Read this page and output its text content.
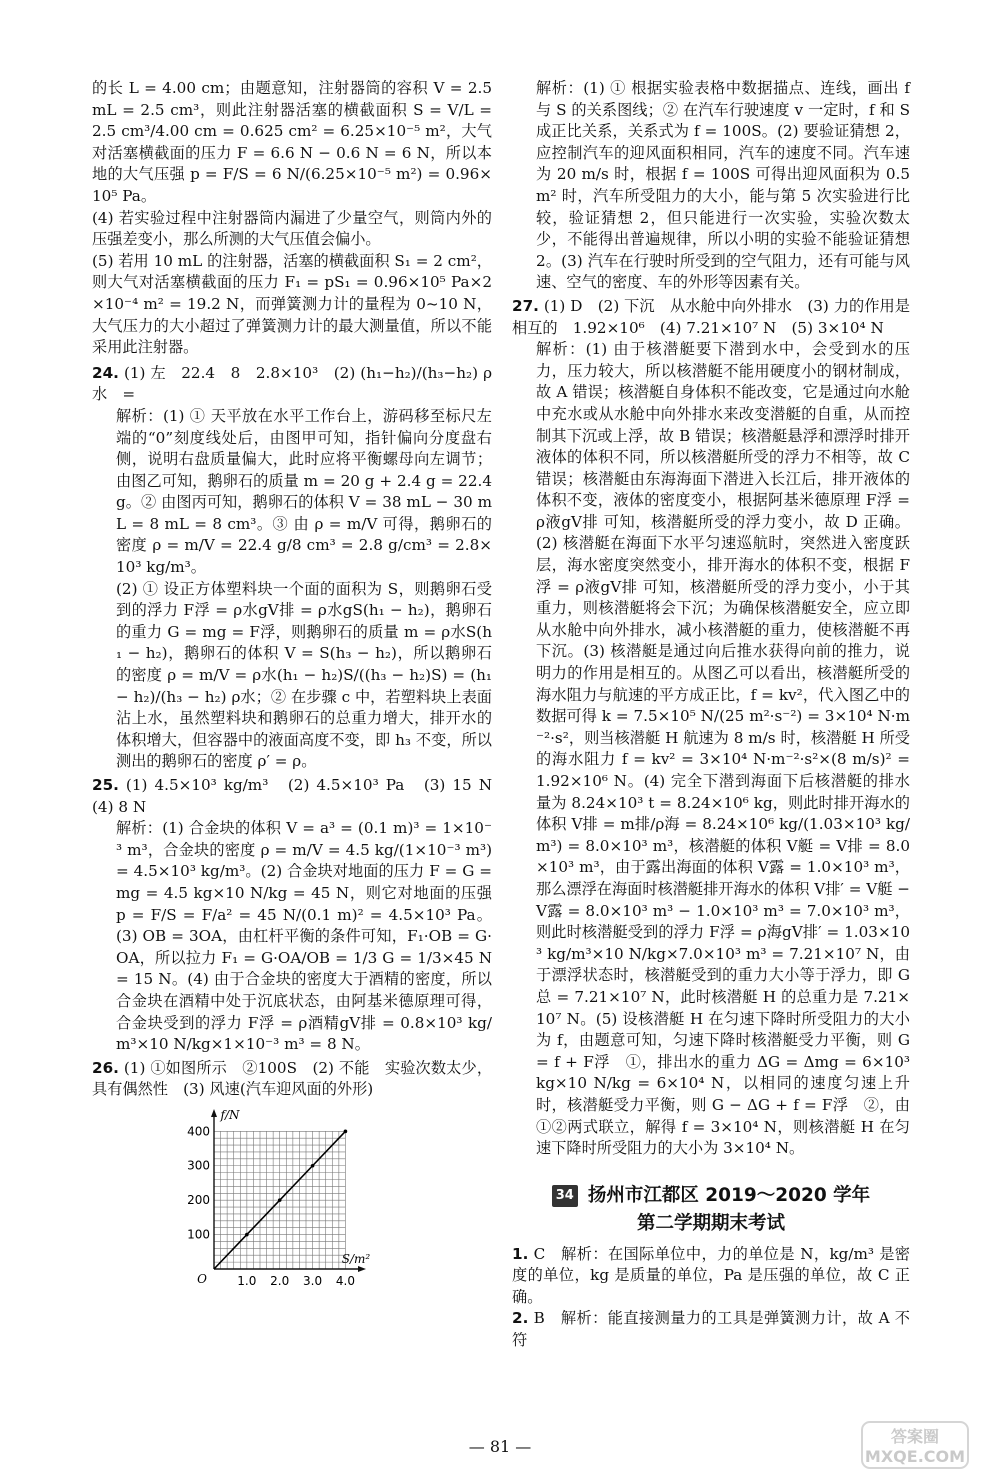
的长 L = 4.00 cm；由题意知，注射器筒的容积 V = 2.5 mL = 2.5 cm³，则此注射器活塞的横截面积 S = V/L = 2.5 cm³/4.00 cm = 0.625 cm² = 6.25×10⁻⁵ m²，大气对活塞横截面的压力 F = 6.6 N − 0.6 N = 6 N，所以本地的大气压强 p = F/S = 6 N/(6.25×10⁻⁵ m²) = 0.96×10⁵ Pa。

(4) 若实验过程中注射器筒内漏进了少量空气，则筒内外的压强差变小，那么所测的大气压值会偏小。

(5) 若用 10 mL 的注射器，活塞的横截面积 S₁ = 2 cm²，则大气对活塞横截面的压力 F₁ = pS₁ = 0.96×10⁵ Pa×2×10⁻⁴ m² = 19.2 N，而弹簧测力计的量程为 0~10 N，大气压力的大小超过了弹簧测力计的最大测量值，所以不能采用此注射器。

24. (1) 左　22.4　8　2.8×10³　(2) (h₁−h₂)/(h₃−h₂) ρ水　=

解析：(1) ① 天平放在水平工作台上，游码移至标尺左端的“0”刻度线处后，由图甲可知，指针偏向分度盘右侧，说明右盘质量偏大，此时应将平衡螺母向左调节；由图乙可知，鹅卵石的质量 m = 20 g + 2.4 g = 22.4 g。② 由图丙可知，鹅卵石的体积 V = 38 mL − 30 mL = 8 mL = 8 cm³。③ 由 ρ = m/V 可得，鹅卵石的密度 ρ = m/V = 22.4 g/8 cm³ = 2.8 g/cm³ = 2.8×10³ kg/m³。

(2) ① 设正方体塑料块一个面的面积为 S，则鹅卵石受到的浮力 F浮 = ρ水gV排 = ρ水gS(h₁ − h₂)，鹅卵石的重力 G = mg = F浮，则鹅卵石的质量 m = ρ水S(h₁ − h₂)，鹅卵石的体积 V = S(h₃ − h₂)，所以鹅卵石的密度 ρ = m/V = ρ水(h₁ − h₂)S/((h₃ − h₂)S) = (h₁ − h₂)/(h₃ − h₂) ρ水；② 在步骤 c 中，若塑料块上表面沾上水，虽然塑料块和鹅卵石的总重力增大，排开水的体积增大，但容器中的液面高度不变，即 h₃ 不变，所以测出的鹅卵石的密度 ρ′ = ρ。

25. (1) 4.5×10³ kg/m³　(2) 4.5×10³ Pa　(3) 15 N　(4) 8 N

解析：(1) 合金块的体积 V = a³ = (0.1 m)³ = 1×10⁻³ m³，合金块的密度 ρ = m/V = 4.5 kg/(1×10⁻³ m³) = 4.5×10³ kg/m³。(2) 合金块对地面的压力 F = G = mg = 4.5 kg×10 N/kg = 45 N，则它对地面的压强 p = F/S = F/a² = 45 N/(0.1 m)² = 4.5×10³ Pa。(3) OB = 3OA，由杠杆平衡的条件可知，F₁·OB = G·OA，所以拉力 F₁ = G·OA/OB = 1/3 G = 1/3×45 N = 15 N。(4) 由于合金块的密度大于酒精的密度，所以合金块在酒精中处于沉底状态，由阿基米德原理可得，合金块受到的浮力 F浮 = ρ酒精gV排 = 0.8×10³ kg/m³×10 N/kg×1×10⁻³ m³ = 8 N。

26. (1) ①如图所示　②100S　(2) 不能　实验次数太少，具有偶然性　(3) 风速(汽车迎风面的外形)

1.0 2.0 3.0 4.0
100
200
300
400
O
S/m²
f/N

解析：(1) ① 根据实验表格中数据描点、连线，画出 f 与 S 的关系图线；② 在汽车行驶速度 v 一定时，f 和 S 成正比关系，关系式为 f = 100S。(2) 要验证猜想 2，应控制汽车的迎风面积相同，汽车的速度不同。汽车速为 20 m/s 时，根据 f = 100S 可得出迎风面积为 0.5 m² 时，汽车所受阻力的大小，能与第 5 次实验进行比较，验证猜想 2，但只能进行一次实验，实验次数太少，不能得出普遍规律，所以小明的实验不能验证猜想 2。(3) 汽车在行驶时所受到的空气阻力，还有可能与风速、空气的密度、车的外形等因素有关。

27. (1) D　(2) 下沉　从水舱中向外排水　(3) 力的作用是相互的　1.92×10⁶　(4) 7.21×10⁷ N　(5) 3×10⁴ N

解析：(1) 由于核潜艇要下潜到水中，会受到水的压力，压力较大，所以核潜艇不能用硬度小的钢材制成，故 A 错误；核潜艇自身体积不能改变，它是通过向水舱中充水或从水舱中向外排水来改变潜艇的自重，从而控制其下沉或上浮，故 B 错误；核潜艇悬浮和漂浮时排开液体的体积不同，所以核潜艇所受的浮力不相等，故 C 错误；核潜艇由东海海面下潜进入长江后，排开液体的体积不变，液体的密度变小，根据阿基米德原理 F浮 = ρ液gV排 可知，核潜艇所受的浮力变小，故 D 正确。(2) 核潜艇在海面下水平匀速巡航时，突然进入密度跃层，海水密度突然变小，排开海水的体积不变，根据 F浮 = ρ液gV排 可知，核潜艇所受的浮力变小，小于其重力，则核潜艇将会下沉；为确保核潜艇安全，应立即从水舱中向外排水，减小核潜艇的重力，使核潜艇不再下沉。(3) 核潜艇是通过向后推水获得向前的推力，说明力的作用是相互的。从图乙可以看出，核潜艇所受的海水阻力与航速的平方成正比，f = kv²，代入图乙中的数据可得 k = 7.5×10⁵ N/(25 m²·s⁻²) = 3×10⁴ N·m⁻²·s²，则当核潜艇 H 航速为 8 m/s 时，核潜艇 H 所受的海水阻力 f = kv² = 3×10⁴ N·m⁻²·s²×(8 m/s)² = 1.92×10⁶ N。(4) 完全下潜到海面下后核潜艇的排水量为 8.24×10³ t = 8.24×10⁶ kg，则此时排开海水的体积 V排 = m排/ρ海 = 8.24×10⁶ kg/(1.03×10³ kg/m³) = 8.0×10³ m³，核潜艇的体积 V艇 = V排 = 8.0×10³ m³，由于露出海面的体积 V露 = 1.0×10³ m³，那么漂浮在海面时核潜艇排开海水的体积 V排′ = V艇 − V露 = 8.0×10³ m³ − 1.0×10³ m³ = 7.0×10³ m³，则此时核潜艇受到的浮力 F浮 = ρ海gV排′ = 1.03×10³ kg/m³×10 N/kg×7.0×10³ m³ = 7.21×10⁷ N，由于漂浮状态时，核潜艇受到的重力大小等于浮力，即 G总 = 7.21×10⁷ N，此时核潜艇 H 的总重力是 7.21×10⁷ N。(5) 设核潜艇 H 在匀速下降时所受阻力的大小为 f，由题意可知，匀速下降时核潜艇受力平衡，则 G = f + F浮　①，排出水的重力 ΔG = Δmg = 6×10³ kg×10 N/kg = 6×10⁴ N，以相同的速度匀速上升时，核潜艇受力平衡，则 G − ΔG + f = F浮　②，由①②两式联立，解得 f = 3×10⁴ N，则核潜艇 H 在匀速下降时所受阻力的大小为 3×10⁴ N。

34 扬州市江都区 2019～2020 学年
第二学期期末考试

1. C　解析：在国际单位中，力的单位是 N，kg/m³ 是密度的单位，kg 是质量的单位，Pa 是压强的单位，故 C 正确。

2. B　解析：能直接测量力的工具是弹簧测力计，故 A 不符

— 81 —
答案圈
MXQE.COM
